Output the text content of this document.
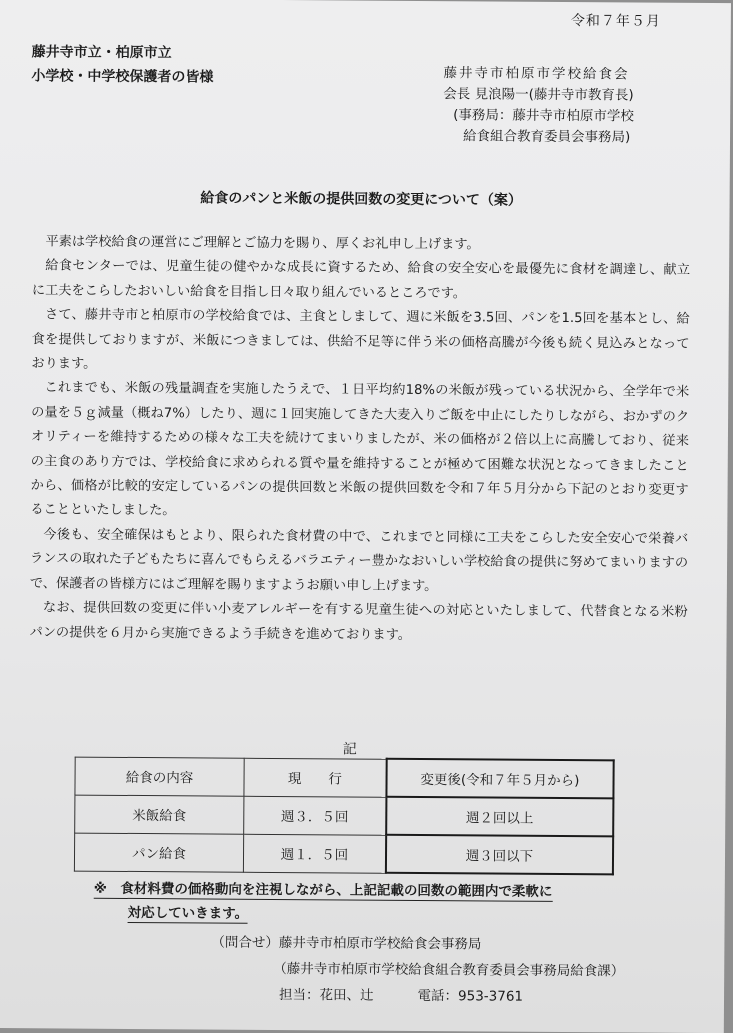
令和７年５月
藤井寺市立・柏原市立
小学校・中学校保護者の皆様	藤井寺市柏原市学校給食会
会長 見浪陽一(藤井寺市教育長)
(事務局：藤井寺市柏原市学校
給食組合教育委員会事務局)
給食のパンと米飯の提供回数の変更について（案）

平素は学校給食の運営にご理解とご協力を賜り、厚くお礼申し上げます。

給食センターでは、児童生徒の健やかな成長に資するため、給食の安全安心を最優先に食材を調達し、献立に工夫をこらしたおいしい給食を目指し日々取り組んでいるところです。

さて、藤井寺市と柏原市の学校給食では、主食としまして、週に米飯を3.5回、パンを1.5回を基本とし、給食を提供しておりますが、米飯につきましては、供給不足等に伴う米の価格高騰が今後も続く見込みとなっております。

これまでも、米飯の残量調査を実施したうえで、１日平均約18%の米飯が残っている状況から、全学年で米の量を５ｇ減量（概ね7%）したり、週に１回実施してきた大麦入りご飯を中止にしたりしながら、おかずのクオリティーを維持するための様々な工夫を続けてまいりましたが、米の価格が２倍以上に高騰しており、従来の主食のあり方では、学校給食に求められる質や量を維持することが極めて困難な状況となってきましたことから、価格が比較的安定しているパンの提供回数と米飯の提供回数を令和７年５月分から下記のとおり変更することといたしました。

今後も、安全確保はもとより、限られた食材費の中で、これまでと同様に工夫をこらした安全安心で栄養バランスの取れた子どもたちに喜んでもらえるバラエティー豊かなおいしい学校給食の提供に努めてまいりますので、保護者の皆様方にはご理解を賜りますようお願い申し上げます。

なお、提供回数の変更に伴い小麦アレルギーを有する児童生徒への対応といたしまして、代替食となる米粉パンの提供を６月から実施できるよう手続きを進めております。

記
給食の内容	現　　行	変更後(令和７年５月から)
米飯給食	週３．５回	週２回以上
パン給食	週１．５回	週３回以下
※　食材料費の価格動向を注視しながら、上記記載の回数の範囲内で柔軟に
対応していきます。
（問合せ）藤井寺市柏原市学校給食会事務局
（藤井寺市柏原市学校給食組合教育委員会事務局給食課）
担当：花田、辻	電話：953-3761
